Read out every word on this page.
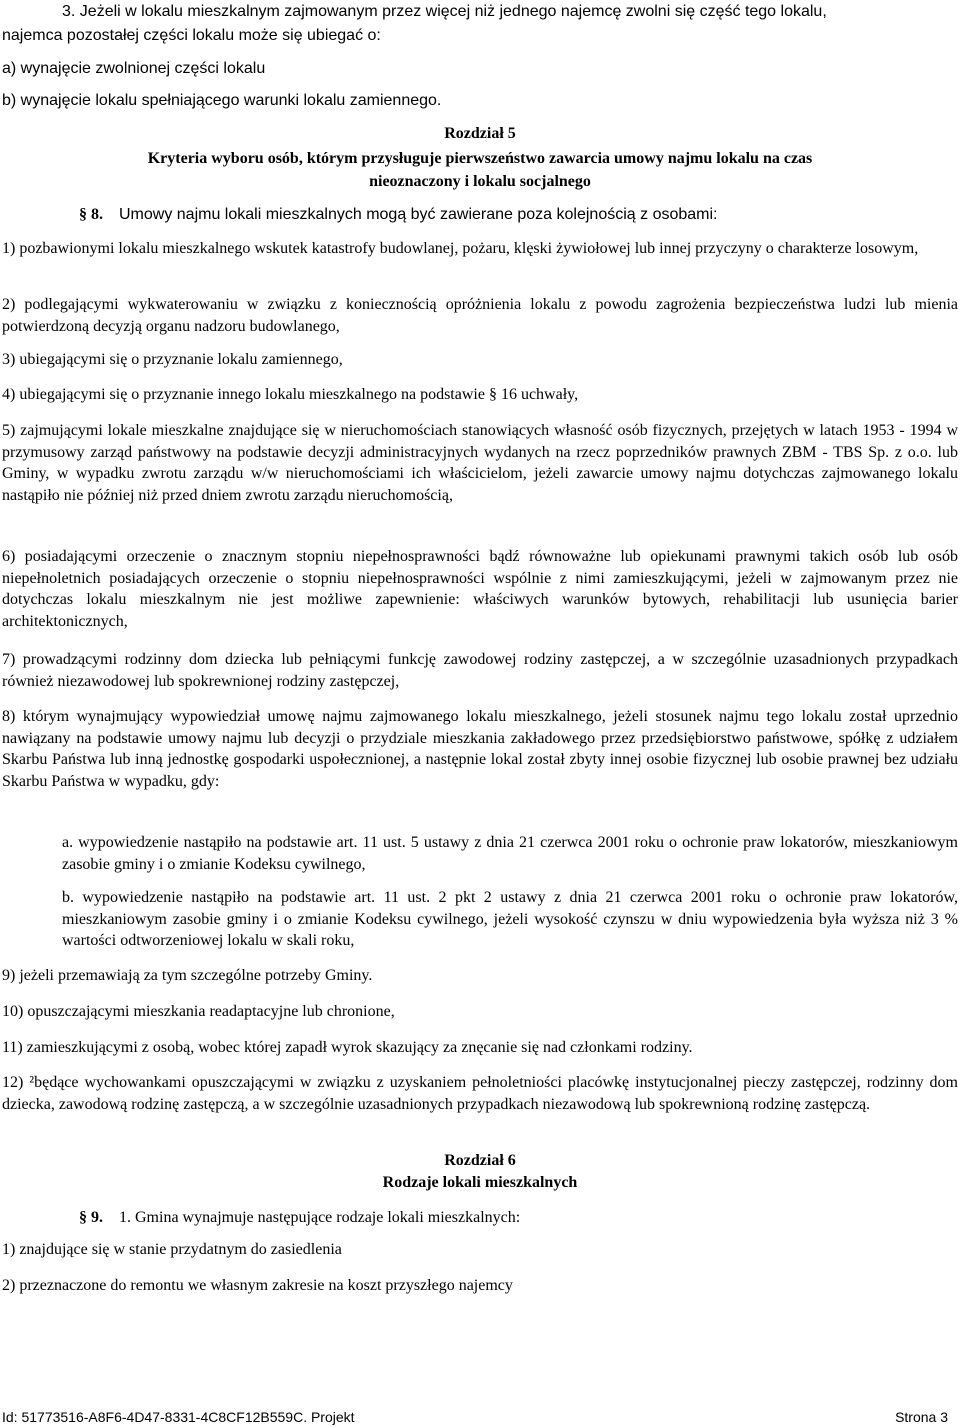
3. Jeżeli w lokalu mieszkalnym zajmowanym przez więcej niż jednego najemcę zwolni się część tego lokalu,
najemca pozostałej części lokalu może się ubiegać o:
a) wynajęcie zwolnionej części lokalu
b) wynajęcie lokalu spełniającego warunki lokalu zamiennego.
Rozdział 5
Kryteria wyboru osób, którym przysługuje pierwszeństwo zawarcia umowy najmu lokalu na czas
nieoznaczony i lokalu socjalnego
§ 8. Umowy najmu lokali mieszkalnych mogą być zawierane poza kolejnością z osobami:
1) pozbawionymi lokalu mieszkalnego wskutek katastrofy budowlanej, pożaru, klęski żywiołowej lub innej przyczyny o charakterze losowym,
2) podlegającymi wykwaterowaniu w związku z koniecznością opróżnienia lokalu z powodu zagrożenia bezpieczeństwa ludzi lub mienia potwierdzoną decyzją organu nadzoru budowlanego,
3) ubiegającymi się o przyznanie lokalu zamiennego,
4) ubiegającymi się o przyznanie innego lokalu mieszkalnego na podstawie § 16 uchwały,
5) zajmującymi lokale mieszkalne znajdujące się w nieruchomościach stanowiących własność osób fizycznych, przejętych w latach 1953 - 1994 w przymusowy zarząd państwowy na podstawie decyzji administracyjnych wydanych na rzecz poprzedników prawnych ZBM - TBS Sp. z o.o. lub Gminy, w wypadku zwrotu zarządu w/w nieruchomościami ich właścicielom, jeżeli zawarcie umowy najmu dotychczas zajmowanego lokalu nastąpiło nie później niż przed dniem zwrotu zarządu nieruchomością,
6) posiadającymi orzeczenie o znacznym stopniu niepełnosprawności bądź równoważne lub opiekunami prawnymi takich osób lub osób niepełnoletnich posiadających orzeczenie o stopniu niepełnosprawności wspólnie z nimi zamieszkującymi, jeżeli w zajmowanym przez nie dotychczas lokalu mieszkalnym nie jest możliwe zapewnienie: właściwych warunków bytowych, rehabilitacji lub usunięcia barier architektonicznych,
7) prowadzącymi rodzinny dom dziecka lub pełniącymi funkcję zawodowej rodziny zastępczej, a w szczególnie uzasadnionych przypadkach również niezawodowej lub spokrewnionej rodziny zastępczej,
8) którym wynajmujący wypowiedział umowę najmu zajmowanego lokalu mieszkalnego, jeżeli stosunek najmu tego lokalu został uprzednio nawiązany na podstawie umowy najmu lub decyzji o przydziale mieszkania zakładowego przez przedsiębiorstwo państwowe, spółkę z udziałem Skarbu Państwa lub inną jednostkę gospodarki uspołecznionej, a następnie lokal został zbyty innej osobie fizycznej lub osobie prawnej bez udziału Skarbu Państwa w wypadku, gdy:
a. wypowiedzenie nastąpiło na podstawie art. 11 ust. 5 ustawy z dnia 21 czerwca 2001 roku o ochronie praw lokatorów, mieszkaniowym zasobie gminy i o zmianie Kodeksu cywilnego,
b. wypowiedzenie nastąpiło na podstawie art. 11 ust. 2 pkt 2 ustawy z dnia 21 czerwca 2001 roku o ochronie praw lokatorów, mieszkaniowym zasobie gminy i o zmianie Kodeksu cywilnego, jeżeli wysokość czynszu w dniu wypowiedzenia była wyższa niż 3 % wartości odtworzeniowej lokalu w skali roku,
9) jeżeli przemawiają za tym szczególne potrzeby Gminy.
10) opuszczającymi mieszkania readaptacyjne lub chronione,
11) zamieszkującymi z osobą, wobec której zapadł wyrok skazujący za znęcanie się nad członkami rodziny.
12) ²będące wychowankami opuszczającymi w związku z uzyskaniem pełnoletniości placówkę instytucjonalnej pieczy zastępczej, rodzinny dom dziecka, zawodową rodzinę zastępczą, a w szczególnie uzasadnionych przypadkach niezawodową lub spokrewnioną rodzinę zastępczą.
Rozdział 6
Rodzaje lokali mieszkalnych
§ 9. 1. Gmina wynajmuje następujące rodzaje lokali mieszkalnych:
1) znajdujące się w stanie przydatnym do zasiedlenia
2) przeznaczone do remontu we własnym zakresie na koszt przyszłego najemcy
Id: 51773516-A8F6-4D47-8331-4C8CF12B559C. Projekt	Strona 3
